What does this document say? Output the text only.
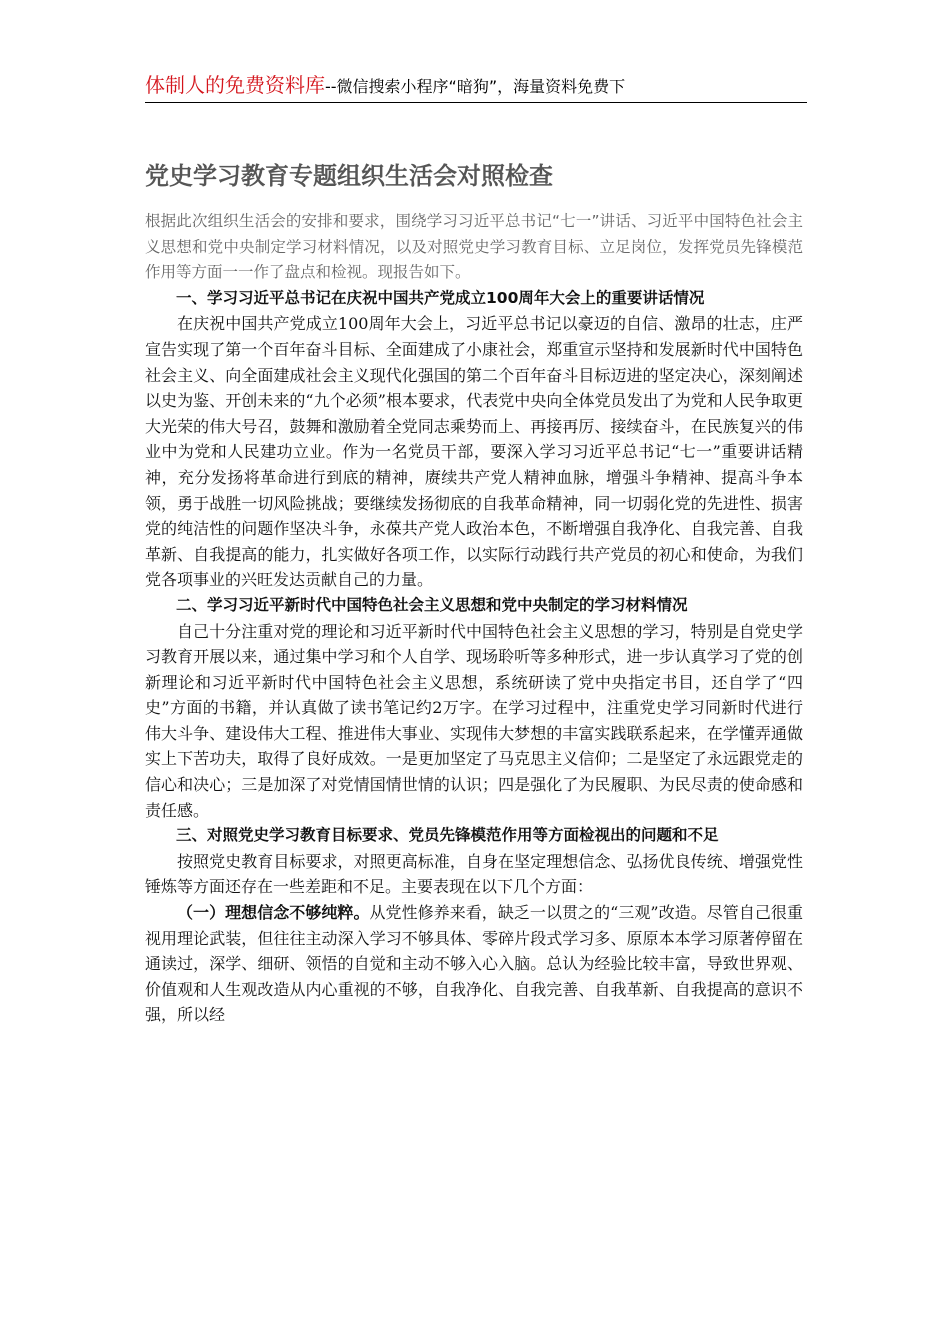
体制人的免费资料库--微信搜索小程序“暗狗”，海量资料免费下
党史学习教育专题组织生活会对照检查

根据此次组织生活会的安排和要求，围绕学习习近平总书记“七一”讲话、习近平中国特色社会主义思想和党中央制定学习材料情况，以及对照党史学习教育目标、立足岗位，发挥党员先锋模范作用等方面一一作了盘点和检视。现报告如下。

一、学习习近平总书记在庆祝中国共产党成立100周年大会上的重要讲话情况

在庆祝中国共产党成立100周年大会上，习近平总书记以豪迈的自信、激昂的壮志，庄严宣告实现了第一个百年奋斗目标、全面建成了小康社会，郑重宣示坚持和发展新时代中国特色社会主义、向全面建成社会主义现代化强国的第二个百年奋斗目标迈进的坚定决心，深刻阐述以史为鉴、开创未来的“九个必须”根本要求，代表党中央向全体党员发出了为党和人民争取更大光荣的伟大号召，鼓舞和激励着全党同志乘势而上、再接再厉、接续奋斗，在民族复兴的伟业中为党和人民建功立业。作为一名党员干部，要深入学习习近平总书记“七一”重要讲话精神，充分发扬将革命进行到底的精神，赓续共产党人精神血脉，增强斗争精神、提高斗争本领，勇于战胜一切风险挑战；要继续发扬彻底的自我革命精神，同一切弱化党的先进性、损害党的纯洁性的问题作坚决斗争，永葆共产党人政治本色，不断增强自我净化、自我完善、自我革新、自我提高的能力，扎实做好各项工作，以实际行动践行共产党员的初心和使命，为我们党各项事业的兴旺发达贡献自己的力量。

二、学习习近平新时代中国特色社会主义思想和党中央制定的学习材料情况

自己十分注重对党的理论和习近平新时代中国特色社会主义思想的学习，特别是自党史学习教育开展以来，通过集中学习和个人自学、现场聆听等多种形式，进一步认真学习了党的创新理论和习近平新时代中国特色社会主义思想，系统研读了党中央指定书目，还自学了“四史”方面的书籍，并认真做了读书笔记约2万字。在学习过程中，注重党史学习同新时代进行伟大斗争、建设伟大工程、推进伟大事业、实现伟大梦想的丰富实践联系起来，在学懂弄通做实上下苦功夫，取得了良好成效。一是更加坚定了马克思主义信仰；二是坚定了永远跟党走的信心和决心；三是加深了对党情国情世情的认识；四是强化了为民履职、为民尽责的使命感和责任感。

三、对照党史学习教育目标要求、党员先锋模范作用等方面检视出的问题和不足

按照党史教育目标要求，对照更高标准，自身在坚定理想信念、弘扬优良传统、增强党性锤炼等方面还存在一些差距和不足。主要表现在以下几个方面：

（一）理想信念不够纯粹。从党性修养来看，缺乏一以贯之的“三观”改造。尽管自己很重视用理论武装，但往往主动深入学习不够具体、零碎片段式学习多、原原本本学习原著停留在通读过，深学、细研、领悟的自觉和主动不够入心入脑。总认为经验比较丰富，导致世界观、价值观和人生观改造从内心重视的不够，自我净化、自我完善、自我革新、自我提高的意识不强，所以经
